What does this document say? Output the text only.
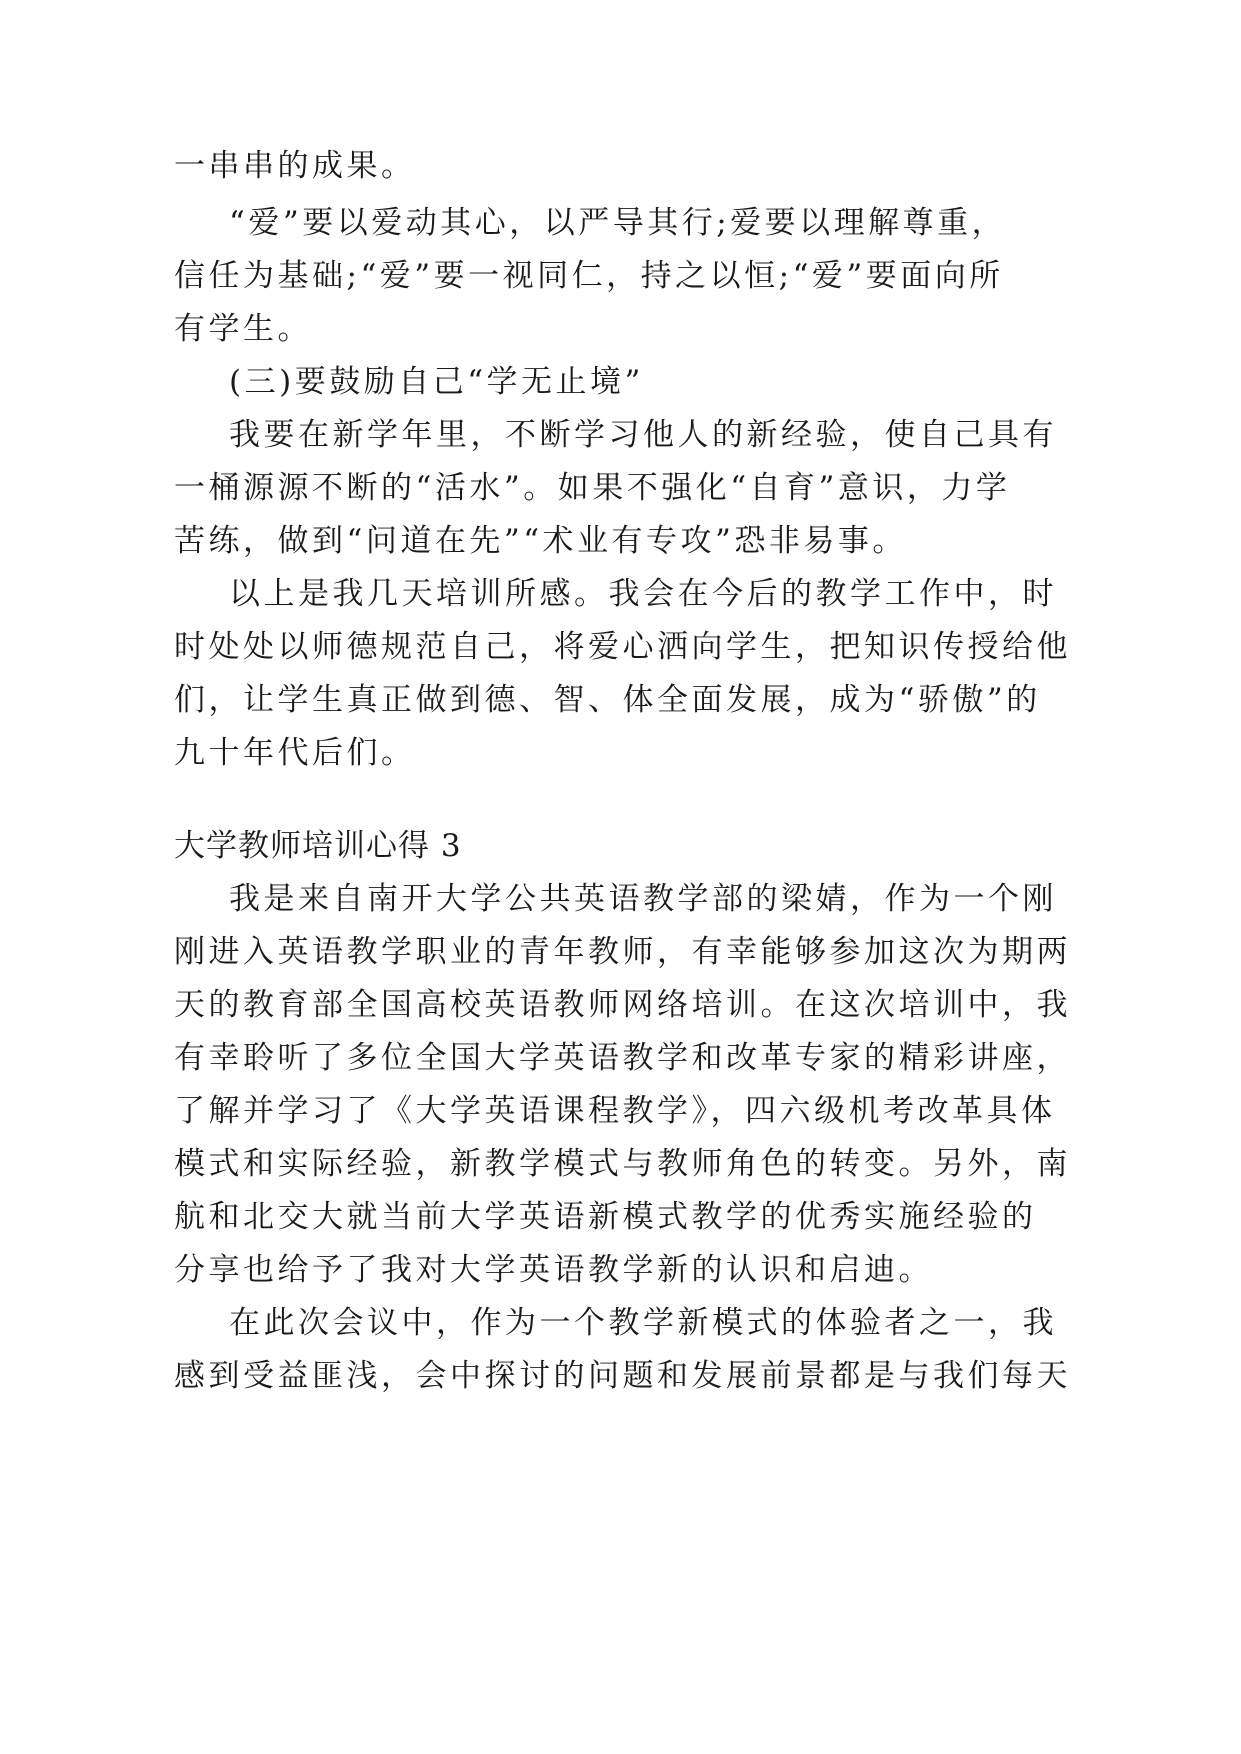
一串串的成果。
“爱”要以爱动其心，以严导其行;爱要以理解尊重，
信任为基础;“爱”要一视同仁，持之以恒;“爱”要面向所
有学生。
(三)要鼓励自己“学无止境”
我要在新学年里，不断学习他人的新经验，使自己具有
一桶源源不断的“活水”。如果不强化“自育”意识，力学
苦练，做到“问道在先”“术业有专攻”恐非易事。
以上是我几天培训所感。我会在今后的教学工作中，时
时处处以师德规范自己，将爱心洒向学生，把知识传授给他
们，让学生真正做到德、智、体全面发展，成为“骄傲”的
九十年代后们。
大学教师培训心得 3
我是来自南开大学公共英语教学部的梁婧，作为一个刚
刚进入英语教学职业的青年教师，有幸能够参加这次为期两
天的教育部全国高校英语教师网络培训。在这次培训中，我
有幸聆听了多位全国大学英语教学和改革专家的精彩讲座，
了解并学习了《大学英语课程教学》，四六级机考改革具体
模式和实际经验，新教学模式与教师角色的转变。另外，南
航和北交大就当前大学英语新模式教学的优秀实施经验的
分享也给予了我对大学英语教学新的认识和启迪。
在此次会议中，作为一个教学新模式的体验者之一，我
感到受益匪浅，会中探讨的问题和发展前景都是与我们每天
